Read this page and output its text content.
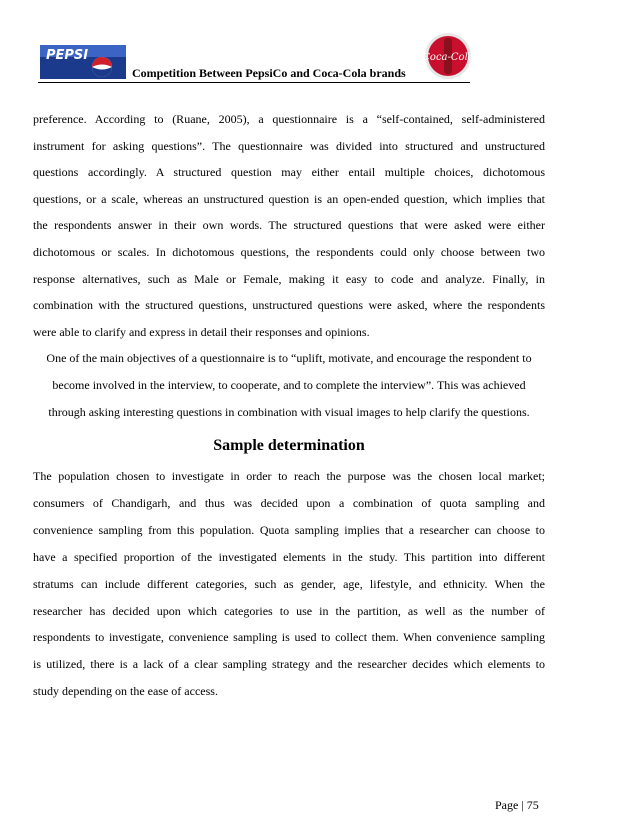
PEPSI
Competition Between PepsiCo and Coca-Cola brands
Coca-Cola
preference. According to (Ruane, 2005), a questionnaire is a “self-contained, self-administered
instrument for asking questions”. The questionnaire was divided into structured and unstructured
questions accordingly. A structured question may either entail multiple choices, dichotomous
questions, or a scale, whereas an unstructured question is an open-ended question, which implies that
the respondents answer in their own words. The structured questions that were asked were either
dichotomous or scales. In dichotomous questions, the respondents could only choose between two
response alternatives, such as Male or Female, making it easy to code and analyze. Finally, in
combination with the structured questions, unstructured questions were asked, where the respondents
were able to clarify and express in detail their responses and opinions.
One of the main objectives of a questionnaire is to “uplift, motivate, and encourage the respondent to
become involved in the interview, to cooperate, and to complete the interview”. This was achieved
through asking interesting questions in combination with visual images to help clarify the questions.
Sample determination
The population chosen to investigate in order to reach the purpose was the chosen local market;
consumers of Chandigarh, and thus was decided upon a combination of quota sampling and
convenience sampling from this population. Quota sampling implies that a researcher can choose to
have a specified proportion of the investigated elements in the study. This partition into different
stratums can include different categories, such as gender, age, lifestyle, and ethnicity. When the
researcher has decided upon which categories to use in the partition, as well as the number of
respondents to investigate, convenience sampling is used to collect them. When convenience sampling
is utilized, there is a lack of a clear sampling strategy and the researcher decides which elements to
study depending on the ease of access.
Page | 75
